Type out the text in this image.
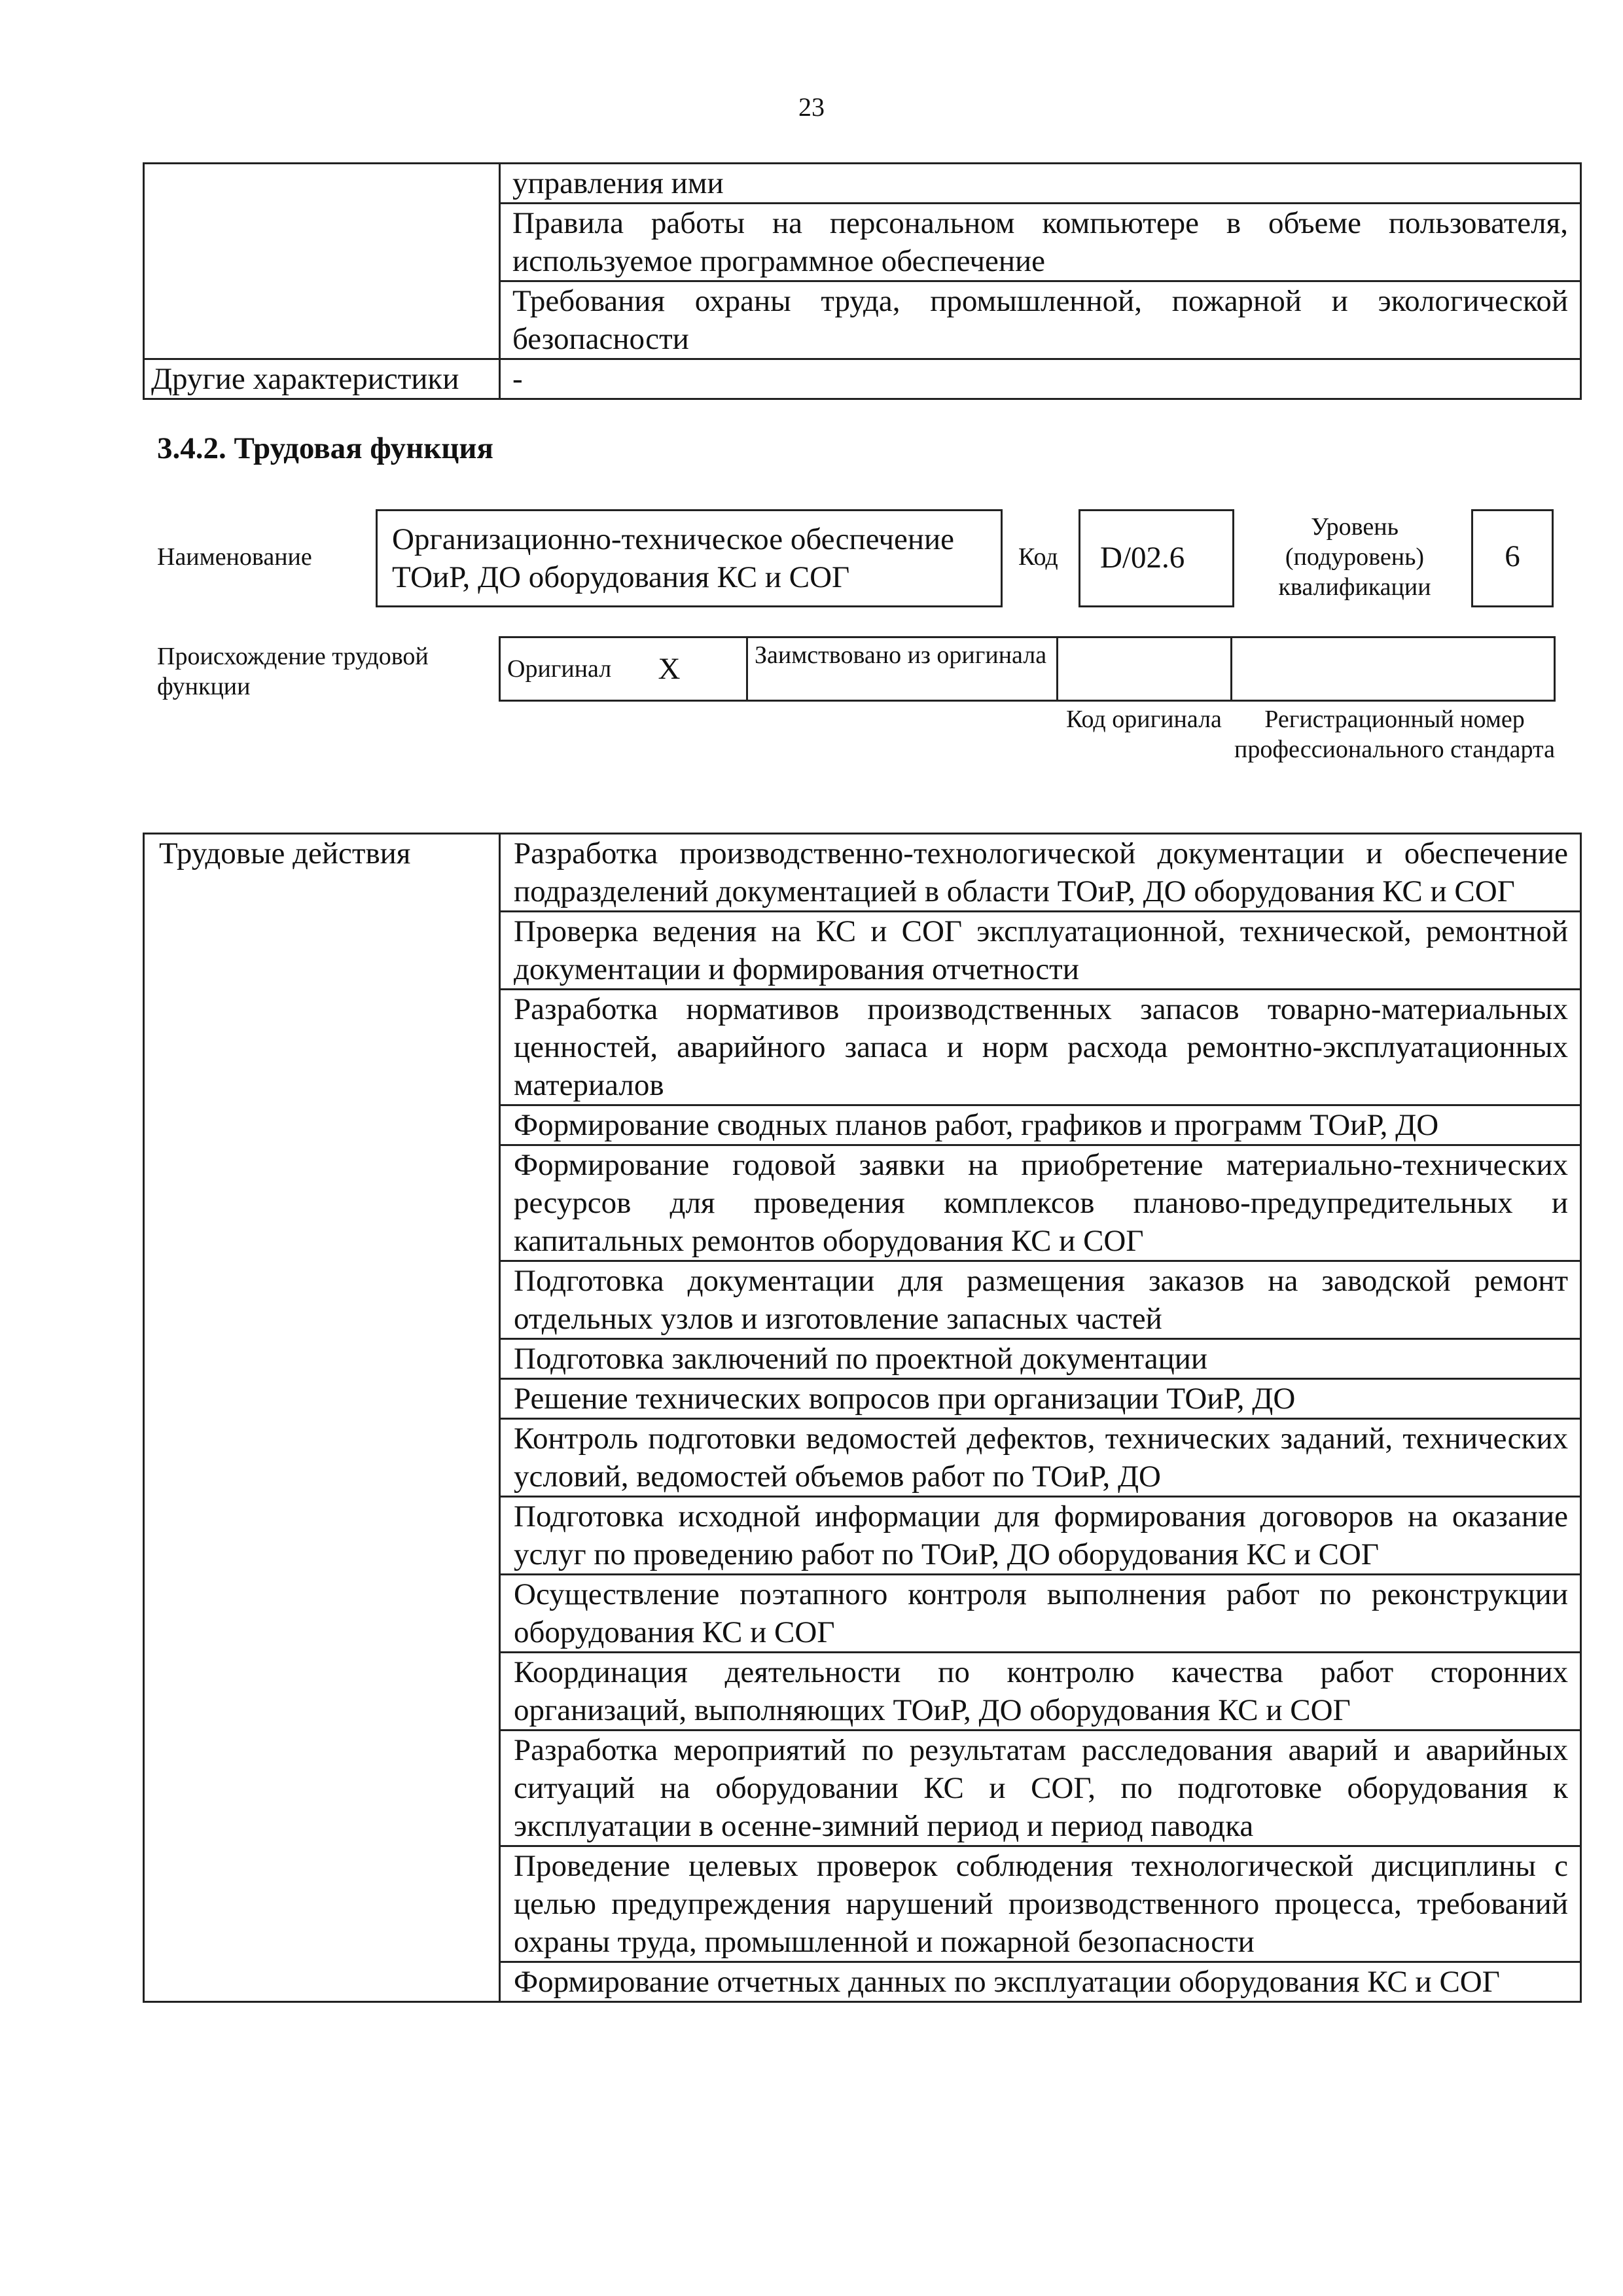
23
	управления ими
	Правила работы на персональном компьютере в объеме пользователя, используемое программное обеспечение
	Требования охраны труда, промышленной, пожарной и экологической безопасности
Другие характеристики	-
3.4.2. Трудовая функция
Наименование
Организационно-техническое обеспечение ТОиР, ДО оборудования КС и СОГ
Код	D/02.6
Уровень (подуровень) квалификации
6
Происхождение трудовой функции
Оригинал	X	Заимствовано из оригинала		
Код оригинала	Регистрационный номер профессионального стандарта
Трудовые действия	Разработка производственно-технологической документации и обеспечение подразделений документацией в области ТОиР, ДО оборудования КС и СОГ
Проверка ведения на КС и СОГ эксплуатационной, технической, ремонтной документации и формирования отчетности
Разработка нормативов производственных запасов товарно-материальных ценностей, аварийного запаса и норм расхода ремонтно-эксплуатационных материалов
Формирование сводных планов работ, графиков и программ ТОиР, ДО
Формирование годовой заявки на приобретение материально-технических ресурсов для проведения комплексов планово-предупредительных и капитальных ремонтов оборудования КС и СОГ
Подготовка документации для размещения заказов на заводской ремонт отдельных узлов и изготовление запасных частей
Подготовка заключений по проектной документации
Решение технических вопросов при организации ТОиР, ДО
Контроль подготовки ведомостей дефектов, технических заданий, технических условий, ведомостей объемов работ по ТОиР, ДО
Подготовка исходной информации для формирования договоров на оказание услуг по проведению работ по ТОиР, ДО оборудования КС и СОГ
Осуществление поэтапного контроля выполнения работ по реконструкции оборудования КС и СОГ
Координация деятельности по контролю качества работ сторонних организаций, выполняющих ТОиР, ДО оборудования КС и СОГ
Разработка мероприятий по результатам расследования аварий и аварийных ситуаций на оборудовании КС и СОГ, по подготовке оборудования к эксплуатации в осенне-зимний период и период паводка
Проведение целевых проверок соблюдения технологической дисциплины с целью предупреждения нарушений производственного процесса, требований охраны труда, промышленной и пожарной безопасности
Формирование отчетных данных по эксплуатации оборудования КС и СОГ
